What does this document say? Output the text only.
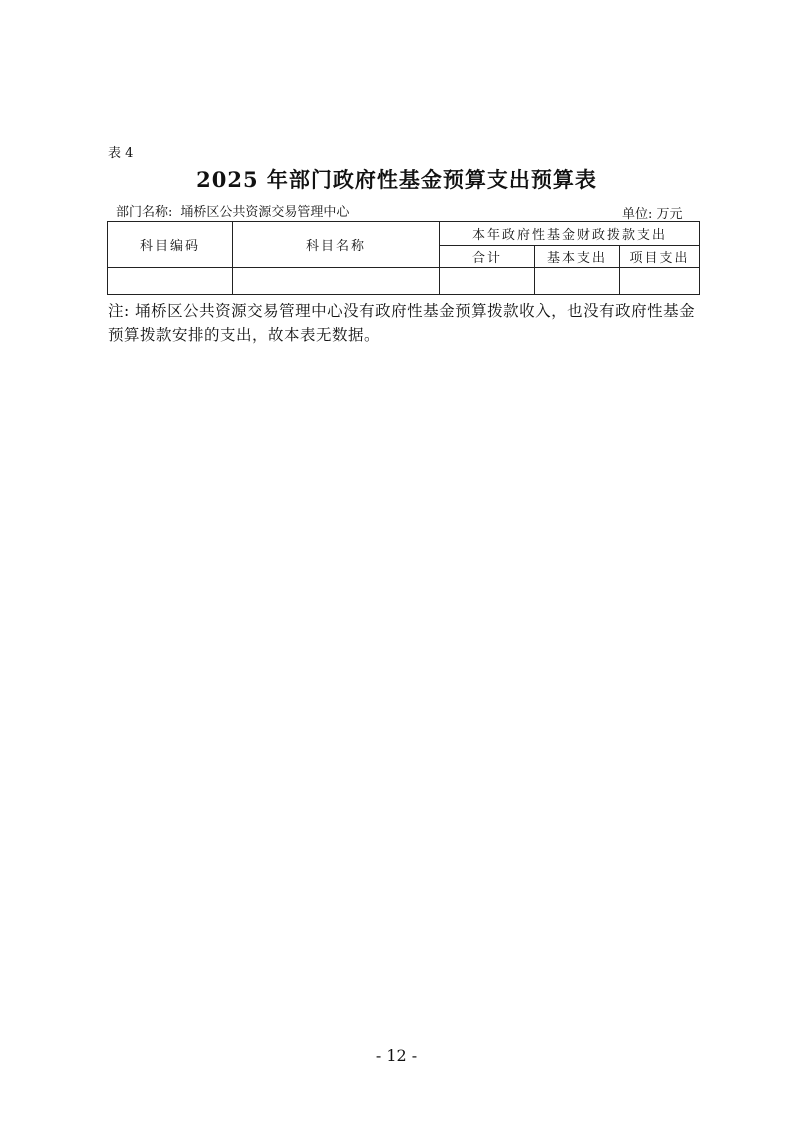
表 4
2025 年部门政府性基金预算支出预算表
部门名称: 埇桥区公共资源交易管理中心	单位: 万元
科目编码	科目名称	本年政府性基金财政拨款支出		
		合计	基本支出	项目支出

注: 埇桥区公共资源交易管理中心没有政府性基金预算拨款收入，也没有政府性基金预算拨款安排的支出，故本表无数据。
- 12 -
